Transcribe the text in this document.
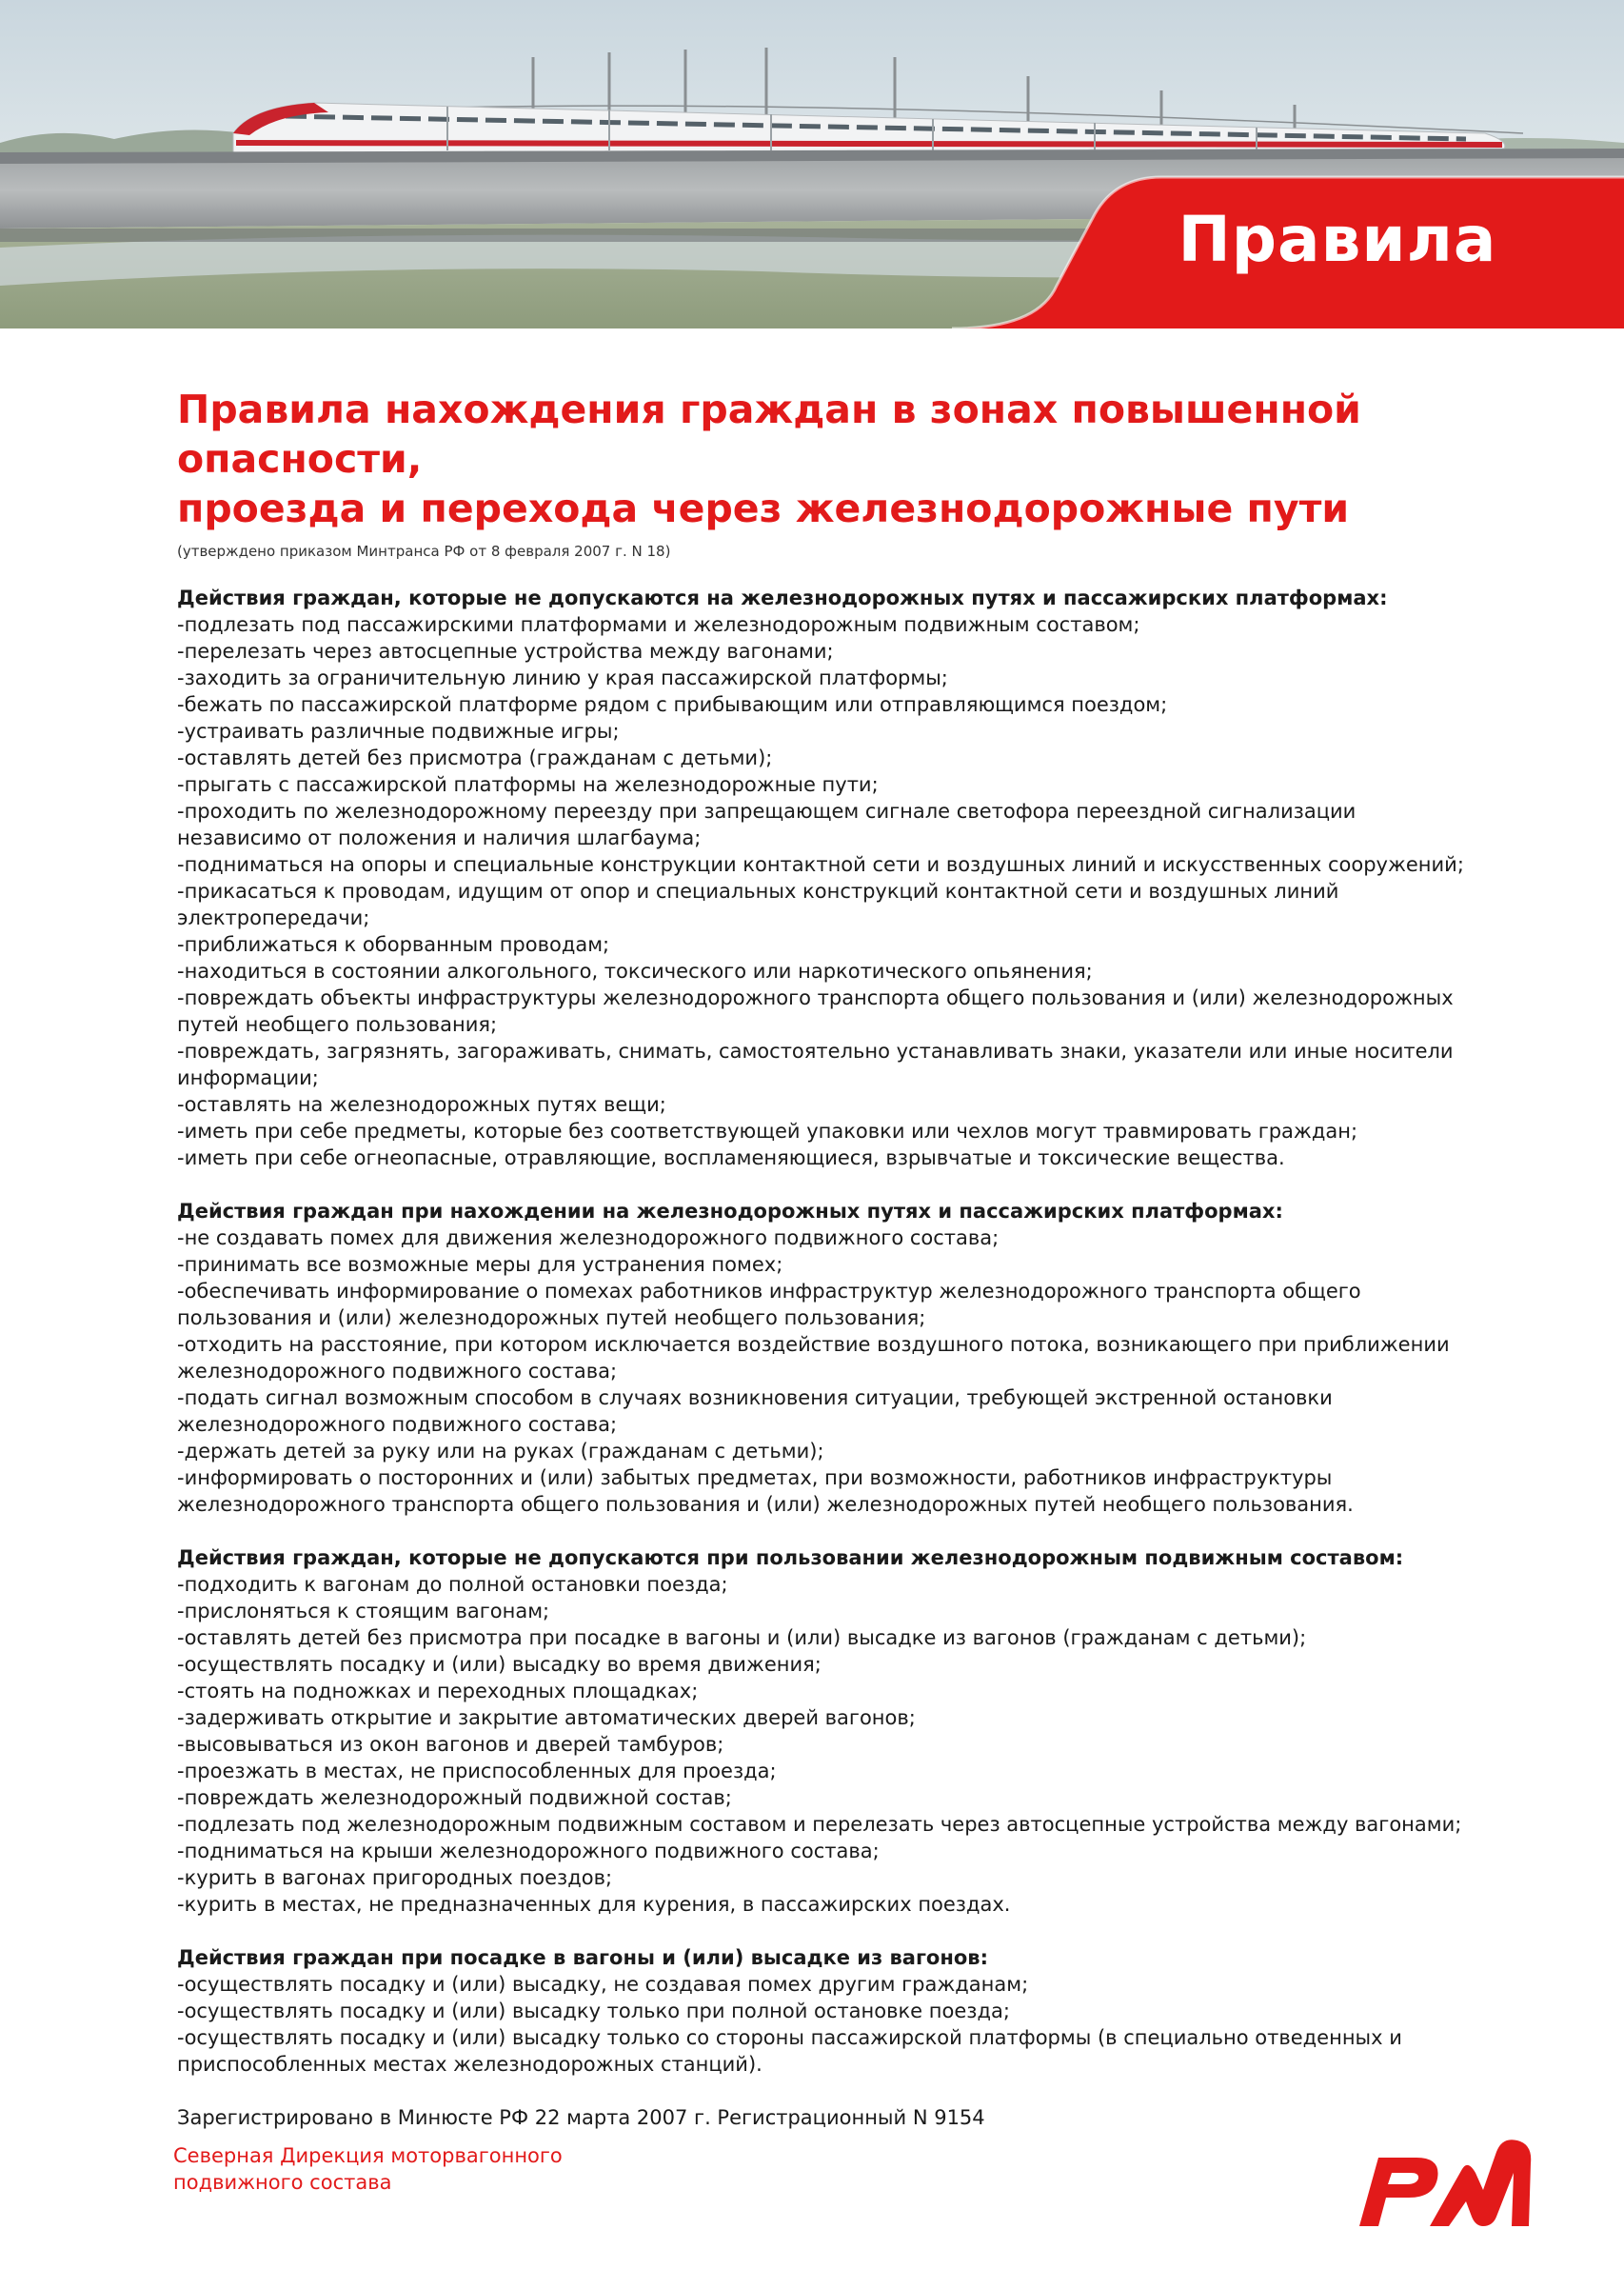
Правила
Правила нахождения граждан в зонах повышенной опасности,
проезда и перехода через железнодорожные пути
(утверждено приказом Минтранса РФ от 8 февраля 2007 г. N 18)

Действия граждан, которые не допускаются на железнодорожных путях и пассажирских платформах:

-подлезать под пассажирскими платформами и железнодорожным подвижным составом;
-перелезать через автосцепные устройства между вагонами;
-заходить за ограничительную линию у края пассажирской платформы;
-бежать по пассажирской платформе рядом с прибывающим или отправляющимся поездом;
-устраивать различные подвижные игры;
-оставлять детей без присмотра (гражданам с детьми);
-прыгать с пассажирской платформы на железнодорожные пути;
-проходить по железнодорожному переезду при запрещающем сигнале светофора переездной сигнализации
независимо от положения и наличия шлагбаума;
-подниматься на опоры и специальные конструкции контактной сети и воздушных линий и искусственных сооружений;
-прикасаться к проводам, идущим от опор и специальных конструкций контактной сети и воздушных линий
электропередачи;
-приближаться к оборванным проводам;
-находиться в состоянии алкогольного, токсического или наркотического опьянения;
-повреждать объекты инфраструктуры железнодорожного транспорта общего пользования и (или) железнодорожных
путей необщего пользования;
-повреждать, загрязнять, загораживать, снимать, самостоятельно устанавливать знаки, указатели или иные носители
информации;
-оставлять на железнодорожных путях вещи;
-иметь при себе предметы, которые без соответствующей упаковки или чехлов могут травмировать граждан;
-иметь при себе огнеопасные, отравляющие, воспламеняющиеся, взрывчатые и токсические вещества.

Действия граждан при нахождении на железнодорожных путях и пассажирских платформах:

-не создавать помех для движения железнодорожного подвижного состава;
-принимать все возможные меры для устранения помех;
-обеспечивать информирование о помехах работников инфраструктур железнодорожного транспорта общего
пользования и (или) железнодорожных путей необщего пользования;
-отходить на расстояние, при котором исключается воздействие воздушного потока, возникающего при приближении
железнодорожного подвижного состава;
-подать сигнал возможным способом в случаях возникновения ситуации, требующей экстренной остановки
железнодорожного подвижного состава;
-держать детей за руку или на руках (гражданам с детьми);
-информировать о посторонних и (или) забытых предметах, при возможности, работников инфраструктуры
железнодорожного транспорта общего пользования и (или) железнодорожных путей необщего пользования.

Действия граждан, которые не допускаются при пользовании железнодорожным подвижным составом:

-подходить к вагонам до полной остановки поезда;
-прислоняться к стоящим вагонам;
-оставлять детей без присмотра при посадке в вагоны и (или) высадке из вагонов (гражданам с детьми);
-осуществлять посадку и (или) высадку во время движения;
-стоять на подножках и переходных площадках;
-задерживать открытие и закрытие автоматических дверей вагонов;
-высовываться из окон вагонов и дверей тамбуров;
-проезжать в местах, не приспособленных для проезда;
-повреждать железнодорожный подвижной состав;
-подлезать под железнодорожным подвижным составом и перелезать через автосцепные устройства между вагонами;
-подниматься на крыши железнодорожного подвижного состава;
-курить в вагонах пригородных поездов;
-курить в местах, не предназначенных для курения, в пассажирских поездах.

Действия граждан при посадке в вагоны и (или) высадке из вагонов:

-осуществлять посадку и (или) высадку, не создавая помех другим гражданам;
-осуществлять посадку и (или) высадку только при полной остановке поезда;
-осуществлять посадку и (или) высадку только со стороны пассажирской платформы (в специально отведенных и
приспособленных местах железнодорожных станций).
Зарегистрировано в Минюсте РФ 22 марта 2007 г. Регистрационный N 9154
Северная Дирекция моторвагонного
подвижного состава
